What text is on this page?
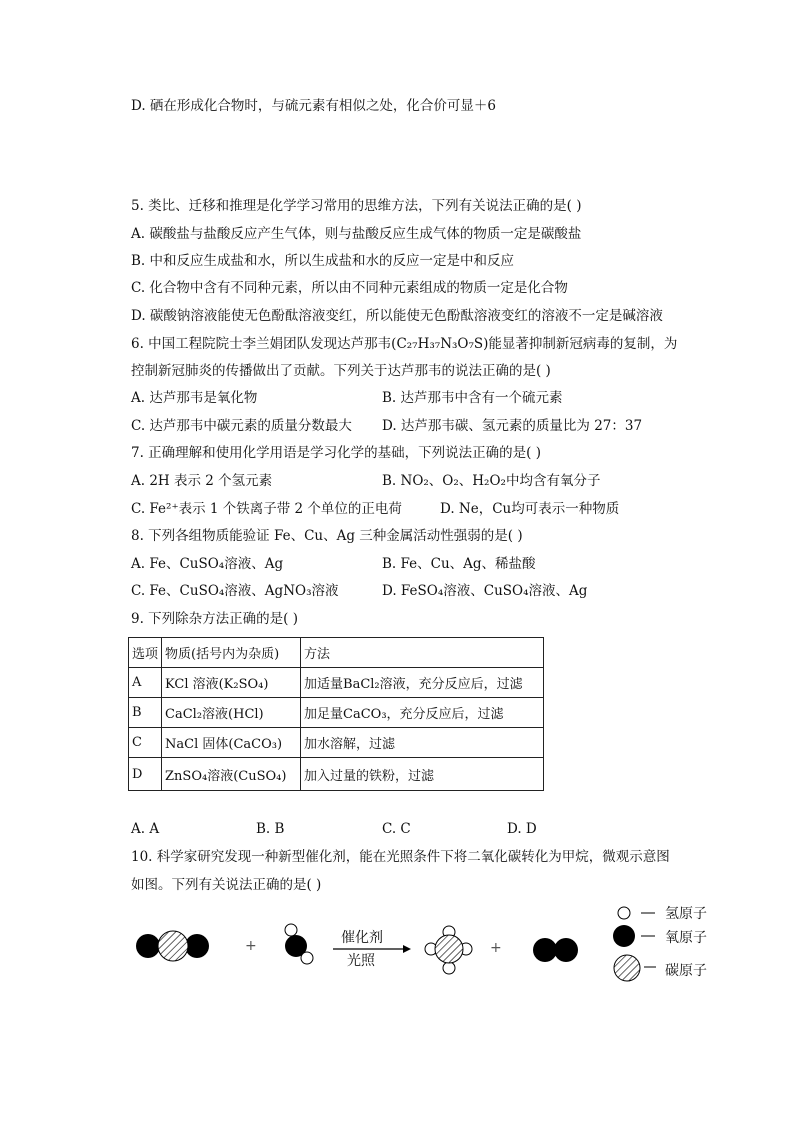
D. 硒在形成化合物时，与硫元素有相似之处，化合价可显＋6
5. 类比、迁移和推理是化学学习常用的思维方法，下列有关说法正确的是( )
A. 碳酸盐与盐酸反应产生气体，则与盐酸反应生成气体的物质一定是碳酸盐
B. 中和反应生成盐和水，所以生成盐和水的反应一定是中和反应
C. 化合物中含有不同种元素，所以由不同种元素组成的物质一定是化合物
D. 碳酸钠溶液能使无色酚酞溶液变红，所以能使无色酚酞溶液变红的溶液不一定是碱溶液
6. 中国工程院院士李兰娟团队发现达芦那韦(C₂₇H₃₇N₃O₇S)能显著抑制新冠病毒的复制，为
控制新冠肺炎的传播做出了贡献。下列关于达芦那韦的说法正确的是( )
A. 达芦那韦是氧化物	B. 达芦那韦中含有一个硫元素
C. 达芦那韦中碳元素的质量分数最大 D. 达芦那韦碳、氢元素的质量比为 27：37
7. 正确理解和使用化学用语是学习化学的基础，下列说法正确的是( )
A. 2H 表示 2 个氢元素	B. NO₂、O₂、H₂O₂中均含有氧分子
C. Fe²⁺表示 1 个铁离子带 2 个单位的正电荷	D. Ne，Cu均可表示一种物质
8. 下列各组物质能验证 Fe、Cu、Ag 三种金属活动性强弱的是( )
A. Fe、CuSO₄溶液、Ag	B. Fe、Cu、Ag、稀盐酸
C. Fe、CuSO₄溶液、AgNO₃溶液	D. FeSO₄溶液、CuSO₄溶液、Ag
9. 下列除杂方法正确的是( )
选项	物质(括号内为杂质)	方法
A	KCl 溶液(K₂SO₄)	加适量BaCl₂溶液，充分反应后，过滤
B	CaCl₂溶液(HCl)	加足量CaCO₃，充分反应后，过滤
C	NaCl 固体(CaCO₃)	加水溶解，过滤
D	ZnSO₄溶液(CuSO₄)	加入过量的铁粉，过滤
A. A	B. B	C. C	D. D
10. 科学家研究发现一种新型催化剂，能在光照条件下将二氧化碳转化为甲烷，微观示意图
如图。下列有关说法正确的是( )
+	催化剂
光照
+
氢原子
氧原子
碳原子
